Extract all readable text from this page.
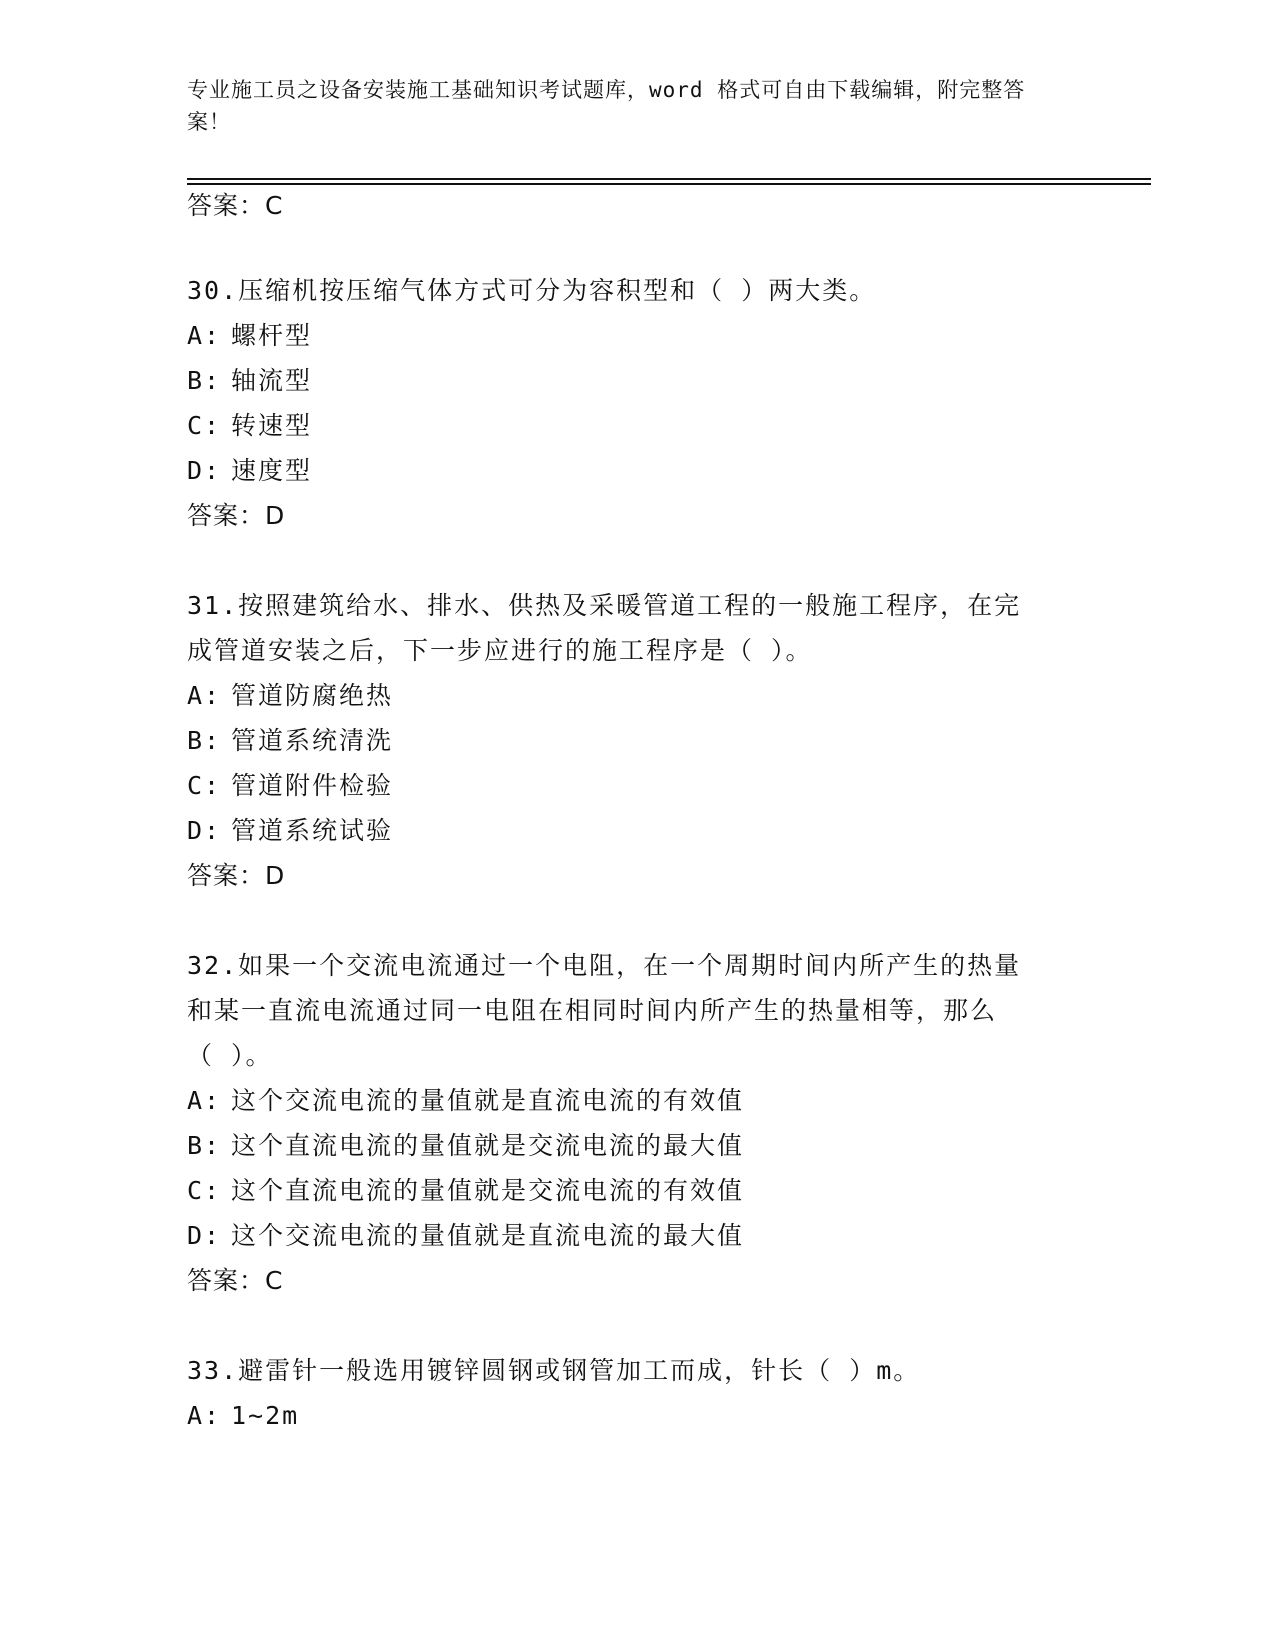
专业施工员之设备安装施工基础知识考试题库，word 格式可自由下载编辑，附完整答案！
答案：C
30.压缩机按压缩气体方式可分为容积型和（ ）两大类。
A: 螺杆型
B: 轴流型
C: 转速型
D: 速度型
答案：D
31.按照建筑给水、排水、供热及采暖管道工程的一般施工程序，在完
成管道安装之后，下一步应进行的施工程序是（ ）。
A: 管道防腐绝热
B: 管道系统清洗
C: 管道附件检验
D: 管道系统试验
答案：D
32.如果一个交流电流通过一个电阻，在一个周期时间内所产生的热量
和某一直流电流通过同一电阻在相同时间内所产生的热量相等，那么
（ ）。
A: 这个交流电流的量值就是直流电流的有效值
B: 这个直流电流的量值就是交流电流的最大值
C: 这个直流电流的量值就是交流电流的有效值
D: 这个交流电流的量值就是直流电流的最大值
答案：C
33.避雷针一般选用镀锌圆钢或钢管加工而成，针长（ ）m。
A: 1~2m
